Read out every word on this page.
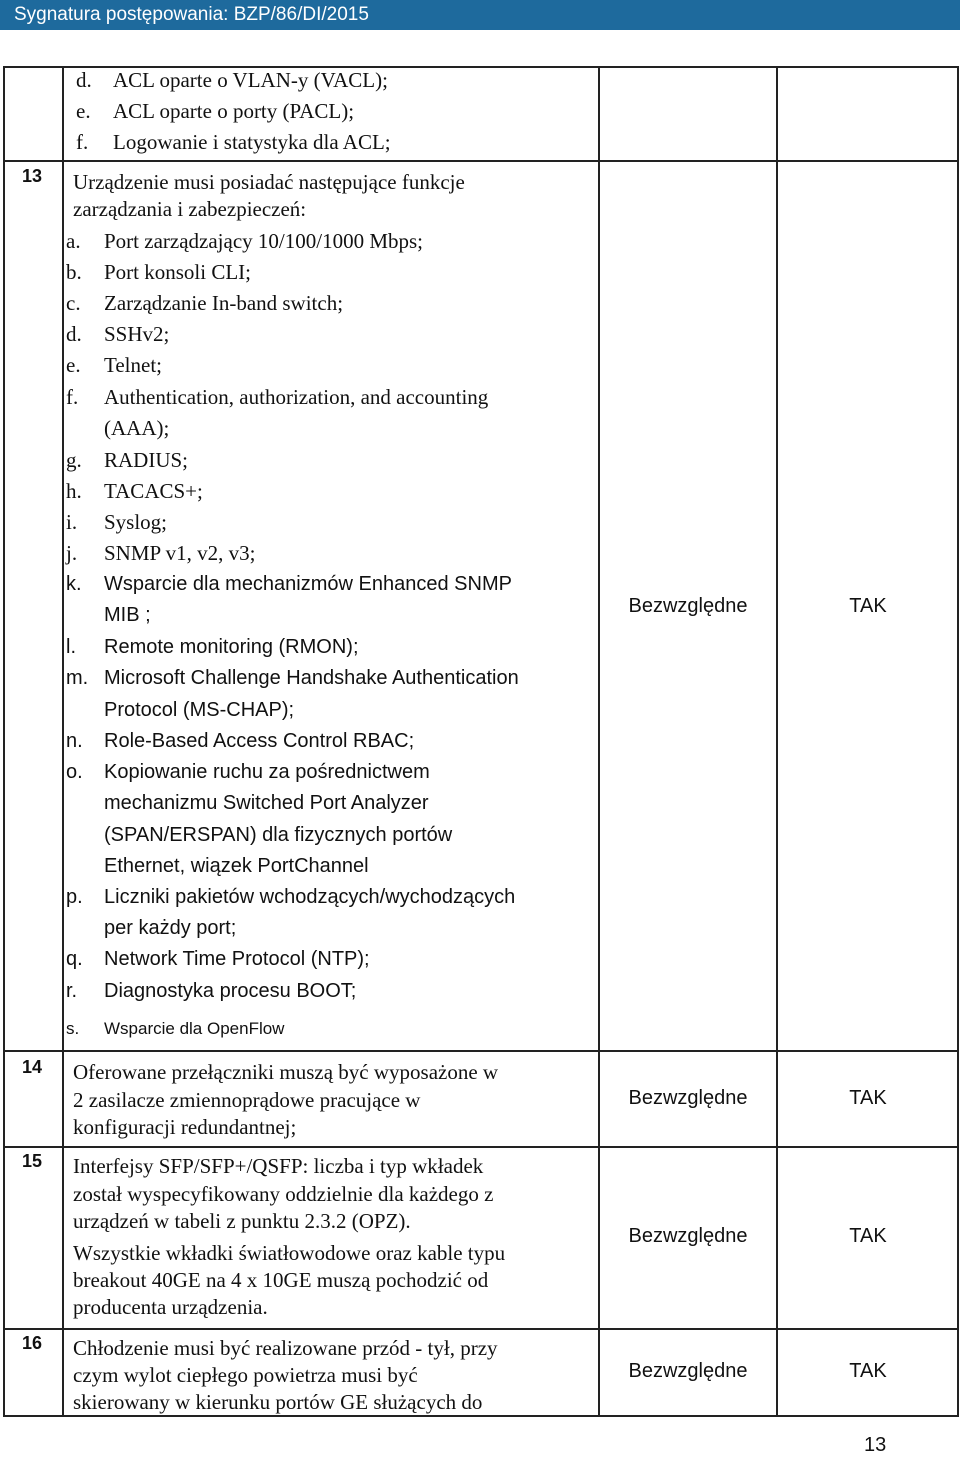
Sygnatura postępowania: BZP/86/DI/2015
d. ACL oparte o VLAN-y (VACL);
e. ACL oparte o porty (PACL);
f. Logowanie i statystyka dla ACL;
13 Urządzenie musi posiadać następujące funkcje
zarządzania i zabezpieczeń:
a. Port zarządzający 10/100/1000 Mbps;
b. Port konsoli CLI;
c. Zarządzanie In-band switch;
d. SSHv2;
e. Telnet;
f. Authentication, authorization, and accounting
(AAA);
g. RADIUS;
h. TACACS+;
i. Syslog;
j. SNMP v1, v2, v3;
k. Wsparcie dla mechanizmów Enhanced SNMP
MIB ;
l. Remote monitoring (RMON);
m. Microsoft Challenge Handshake Authentication
Protocol (MS-CHAP);
n. Role-Based Access Control RBAC;
o. Kopiowanie ruchu za pośrednictwem
mechanizmu Switched Port Analyzer
(SPAN/ERSPAN) dla fizycznych portów
Ethernet, wiązek PortChannel
p. Liczniki pakietów wchodzących/wychodzących
per każdy port;
q. Network Time Protocol (NTP);
r. Diagnostyka procesu BOOT;
s. Wsparcie dla OpenFlow
Bezwzględne	TAK
14 Oferowane przełączniki muszą być wyposażone w
2 zasilacze zmiennoprądowe pracujące w
konfiguracji redundantnej;
Bezwzględne	TAK
15 Interfejsy SFP/SFP+/QSFP: liczba i typ wkładek
został wyspecyfikowany oddzielnie dla każdego z
urządzeń w tabeli z punktu 2.3.2 (OPZ).
Wszystkie wkładki światłowodowe oraz kable typu
breakout 40GE na 4 x 10GE muszą pochodzić od
producenta urządzenia.
Bezwzględne	TAK
16 Chłodzenie musi być realizowane przód - tył, przy
czym wylot ciepłego powietrza musi być
skierowany w kierunku portów GE służących do
Bezwzględne	TAK
13
